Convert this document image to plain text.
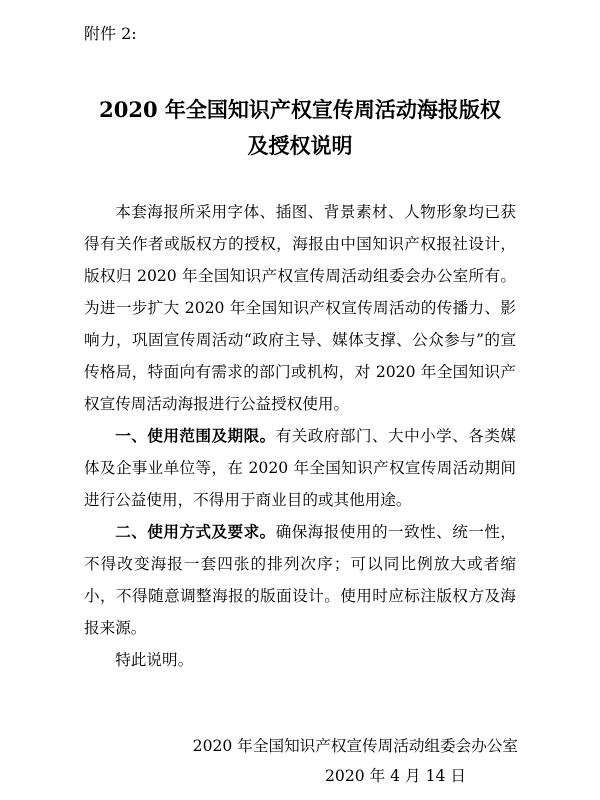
附件 2:
2020 年全国知识产权宣传周活动海报版权
及授权说明

本套海报所采用字体、插图、背景素材、人物形象均已获得有关作者或版权方的授权，海报由中国知识产权报社设计，版权归 2020 年全国知识产权宣传周活动组委会办公室所有。为进一步扩大 2020 年全国知识产权宣传周活动的传播力、影响力，巩固宣传周活动“政府主导、媒体支撑、公众参与”的宣传格局，特面向有需求的部门或机构，对 2020 年全国知识产权宣传周活动海报进行公益授权使用。

一、使用范围及期限。有关政府部门、大中小学、各类媒体及企事业单位等，在 2020 年全国知识产权宣传周活动期间进行公益使用，不得用于商业目的或其他用途。

二、使用方式及要求。确保海报使用的一致性、统一性，不得改变海报一套四张的排列次序；可以同比例放大或者缩小，不得随意调整海报的版面设计。使用时应标注版权方及海报来源。

特此说明。

2020 年全国知识产权宣传周活动组委会办公室
2020 年 4 月 14 日
